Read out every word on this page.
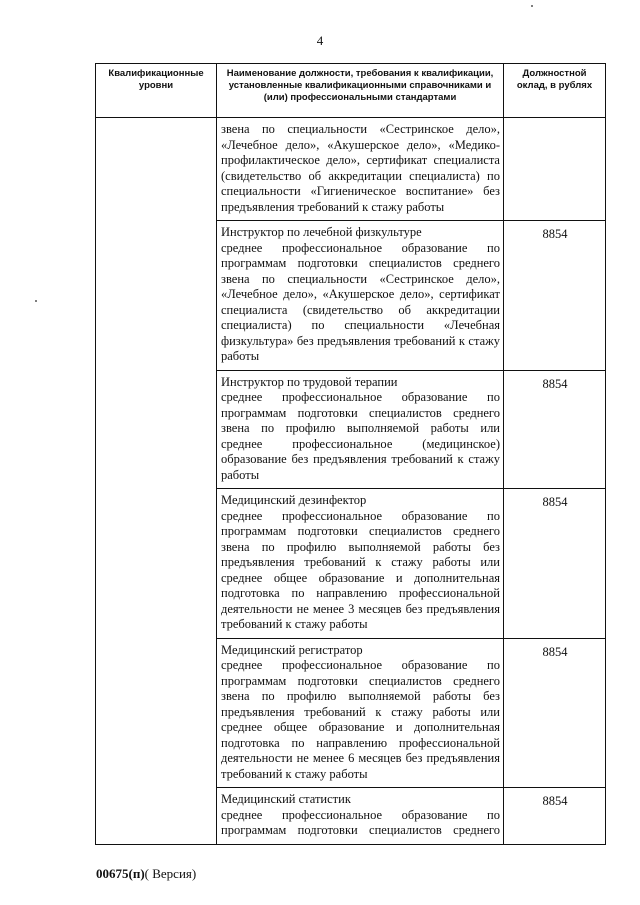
4
Квалификационные уровни	Наименование должности, требования к квалификации, установленные квалификационными справочниками и (или) профессиональными стандартами	Должностной оклад, в рублях

	звена по специальности «Сестринское дело», «Лечебное дело», «Акушерское дело», «Медико-профилактическое дело», сертификат специалиста (свидетельство об аккредитации специалиста) по специальности «Гигиеническое воспитание» без предъявления требований к стажу работы	

	Инструктор по лечебной физкультуре
среднее профессиональное образование по программам подготовки специалистов среднего звена по специальности «Сестринское дело», «Лечебное дело», «Акушерское дело», сертификат специалиста (свидетельство об аккредитации специалиста) по специальности «Лечебная физкультура» без предъявления требований к стажу работы	8854

	Инструктор по трудовой терапии
среднее профессиональное образование по программам подготовки специалистов среднего звена по профилю выполняемой работы или среднее профессиональное (медицинское) образование без предъявления требований к стажу работы	8854

	Медицинский дезинфектор
среднее профессиональное образование по программам подготовки специалистов среднего звена по профилю выполняемой работы без предъявления требований к стажу работы или среднее общее образование и дополнительная подготовка по направлению профессиональной деятельности не менее 3 месяцев без предъявления требований к стажу работы	8854

	Медицинский регистратор
среднее профессиональное образование по программам подготовки специалистов среднего звена по профилю выполняемой работы без предъявления требований к стажу работы или среднее общее образование и дополнительная подготовка по направлению профессиональной деятельности не менее 6 месяцев без предъявления требований к стажу работы	8854

	Медицинский статистик
среднее профессиональное образование по программам подготовки специалистов среднего	8854
00675(п)( Версия)
